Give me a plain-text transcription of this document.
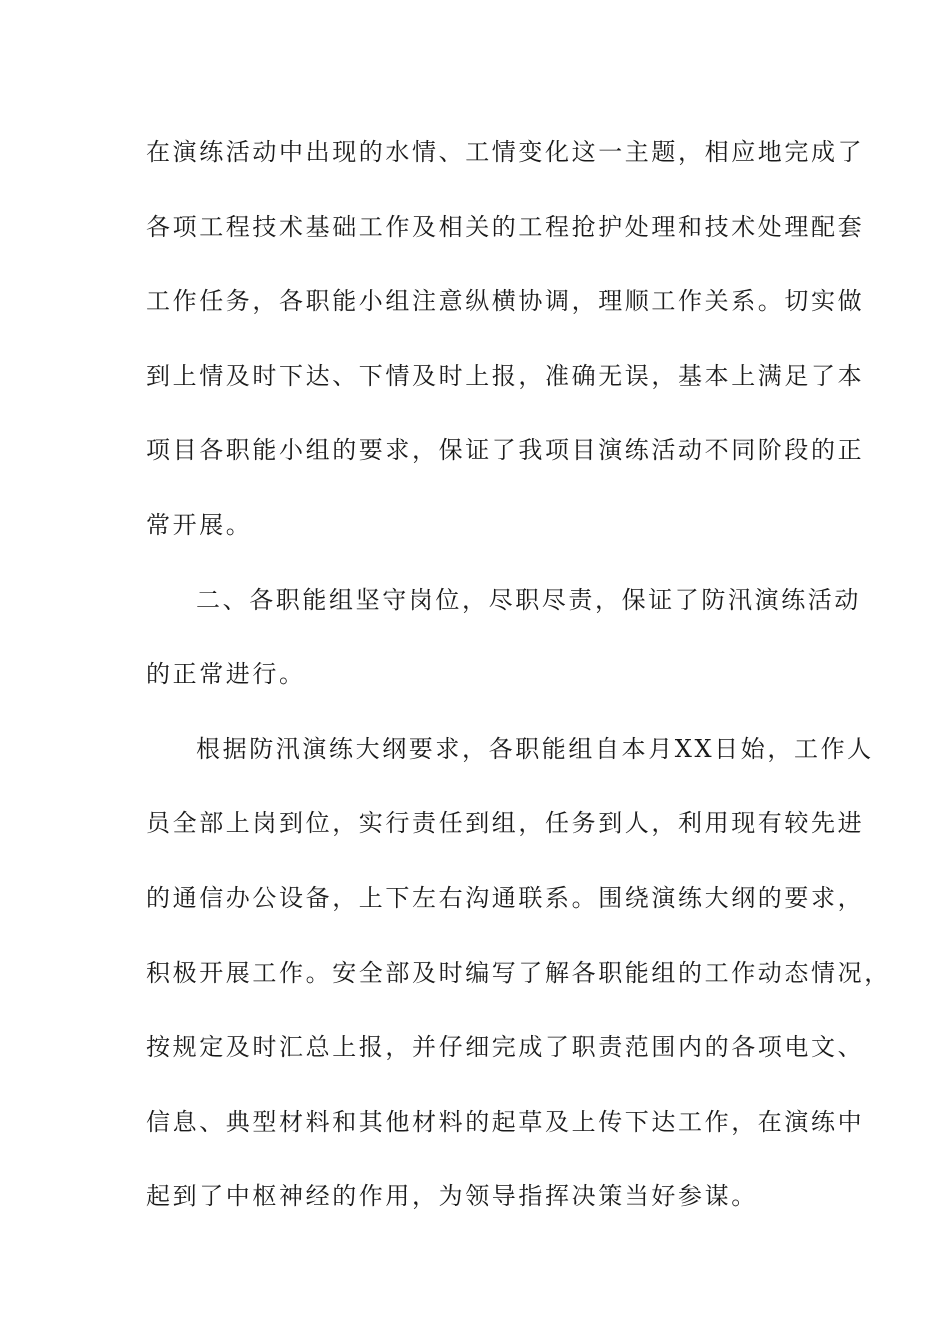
在演练活动中出现的水情、工情变化这一主题，相应地完成了
各项工程技术基础工作及相关的工程抢护处理和技术处理配套
工作任务，各职能小组注意纵横协调，理顺工作关系。切实做
到上情及时下达、下情及时上报，准确无误，基本上满足了本
项目各职能小组的要求，保证了我项目演练活动不同阶段的正
常开展。
二、各职能组坚守岗位，尽职尽责，保证了防汛演练活动
的正常进行。
根据防汛演练大纲要求，各职能组自本月XX日始，工作人
员全部上岗到位，实行责任到组，任务到人，利用现有较先进
的通信办公设备，上下左右沟通联系。围绕演练大纲的要求，
积极开展工作。安全部及时编写了解各职能组的工作动态情况，
按规定及时汇总上报，并仔细完成了职责范围内的各项电文、
信息、典型材料和其他材料的起草及上传下达工作，在演练中
起到了中枢神经的作用，为领导指挥决策当好参谋。
